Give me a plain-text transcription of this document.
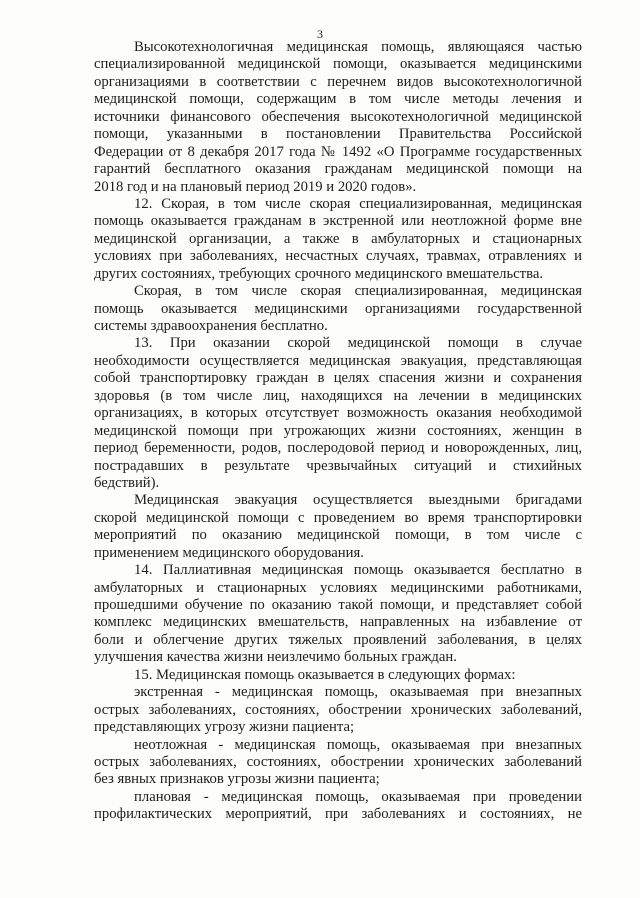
3
Высокотехнологичная медицинская помощь, являющаяся частью
специализированной медицинской помощи, оказывается медицинскими
организациями в соответствии с перечнем видов высокотехнологичной
медицинской помощи, содержащим в том числе методы лечения и
источники финансового обеспечения высокотехнологичной медицинской
помощи, указанными в постановлении Правительства Российской
Федерации от 8 декабря 2017 года № 1492 «О Программе государственных
гарантий бесплатного оказания гражданам медицинской помощи на
2018 год и на плановый период 2019 и 2020 годов».
12. Скорая, в том числе скорая специализированная, медицинская
помощь оказывается гражданам в экстренной или неотложной форме вне
медицинской организации, а также в амбулаторных и стационарных
условиях при заболеваниях, несчастных случаях, травмах, отравлениях и
других состояниях, требующих срочного медицинского вмешательства.
Скорая, в том числе скорая специализированная, медицинская
помощь оказывается медицинскими организациями государственной
системы здравоохранения бесплатно.
13. При оказании скорой медицинской помощи в случае
необходимости осуществляется медицинская эвакуация, представляющая
собой транспортировку граждан в целях спасения жизни и сохранения
здоровья (в том числе лиц, находящихся на лечении в медицинских
организациях, в которых отсутствует возможность оказания необходимой
медицинской помощи при угрожающих жизни состояниях, женщин в
период беременности, родов, послеродовой период и новорожденных, лиц,
пострадавших в результате чрезвычайных ситуаций и стихийных
бедствий).
Медицинская эвакуация осуществляется выездными бригадами
скорой медицинской помощи с проведением во время транспортировки
мероприятий по оказанию медицинской помощи, в том числе с
применением медицинского оборудования.
14. Паллиативная медицинская помощь оказывается бесплатно в
амбулаторных и стационарных условиях медицинскими работниками,
прошедшими обучение по оказанию такой помощи, и представляет собой
комплекс медицинских вмешательств, направленных на избавление от
боли и облегчение других тяжелых проявлений заболевания, в целях
улучшения качества жизни неизлечимо больных граждан.
15. Медицинская помощь оказывается в следующих формах:
экстренная - медицинская помощь, оказываемая при внезапных
острых заболеваниях, состояниях, обострении хронических заболеваний,
представляющих угрозу жизни пациента;
неотложная - медицинская помощь, оказываемая при внезапных
острых заболеваниях, состояниях, обострении хронических заболеваний
без явных признаков угрозы жизни пациента;
плановая - медицинская помощь, оказываемая при проведении
профилактических мероприятий, при заболеваниях и состояниях, не
